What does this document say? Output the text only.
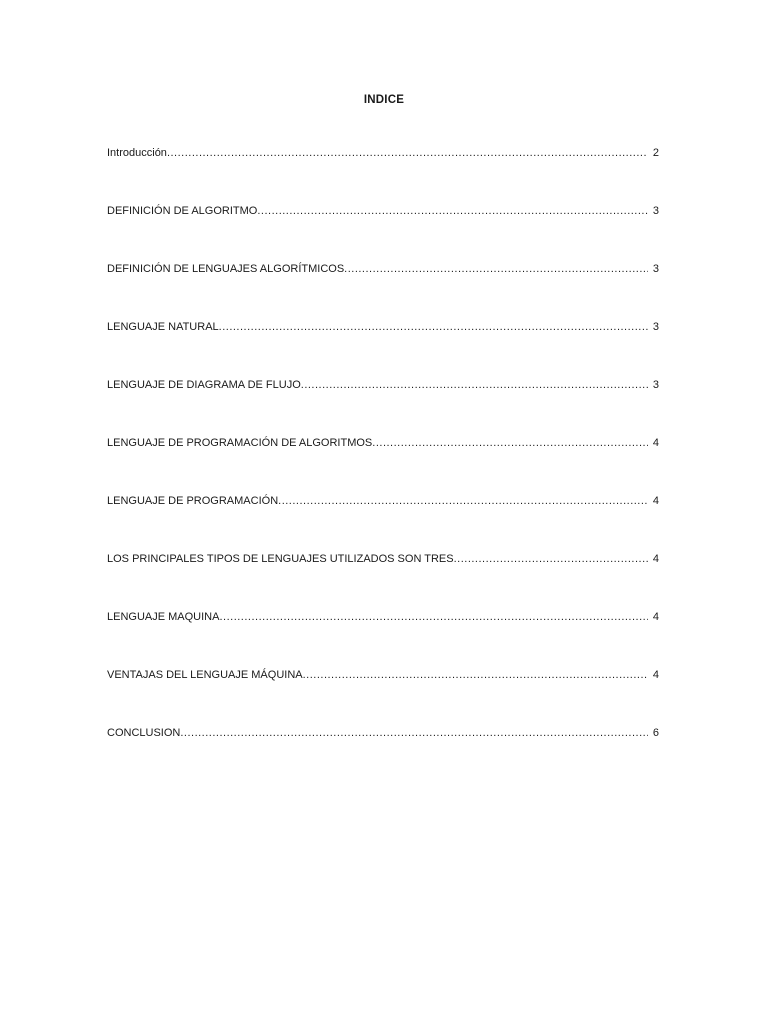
INDICE
Introducción .....	2
DEFINICIÓN DE ALGORITMO .....	3
DEFINICIÓN DE LENGUAJES ALGORÍTMICOS .....	3
LENGUAJE NATURAL .....	3
LENGUAJE DE DIAGRAMA DE FLUJO .....	3
LENGUAJE DE PROGRAMACIÓN DE ALGORITMOS .....	4
LENGUAJE DE PROGRAMACIÓN .....	4
LOS PRINCIPALES TIPOS DE LENGUAJES UTILIZADOS SON TRES .....	4
LENGUAJE MAQUINA .....	4
VENTAJAS DEL LENGUAJE MÁQUINA .....	4
CONCLUSION .....	6
